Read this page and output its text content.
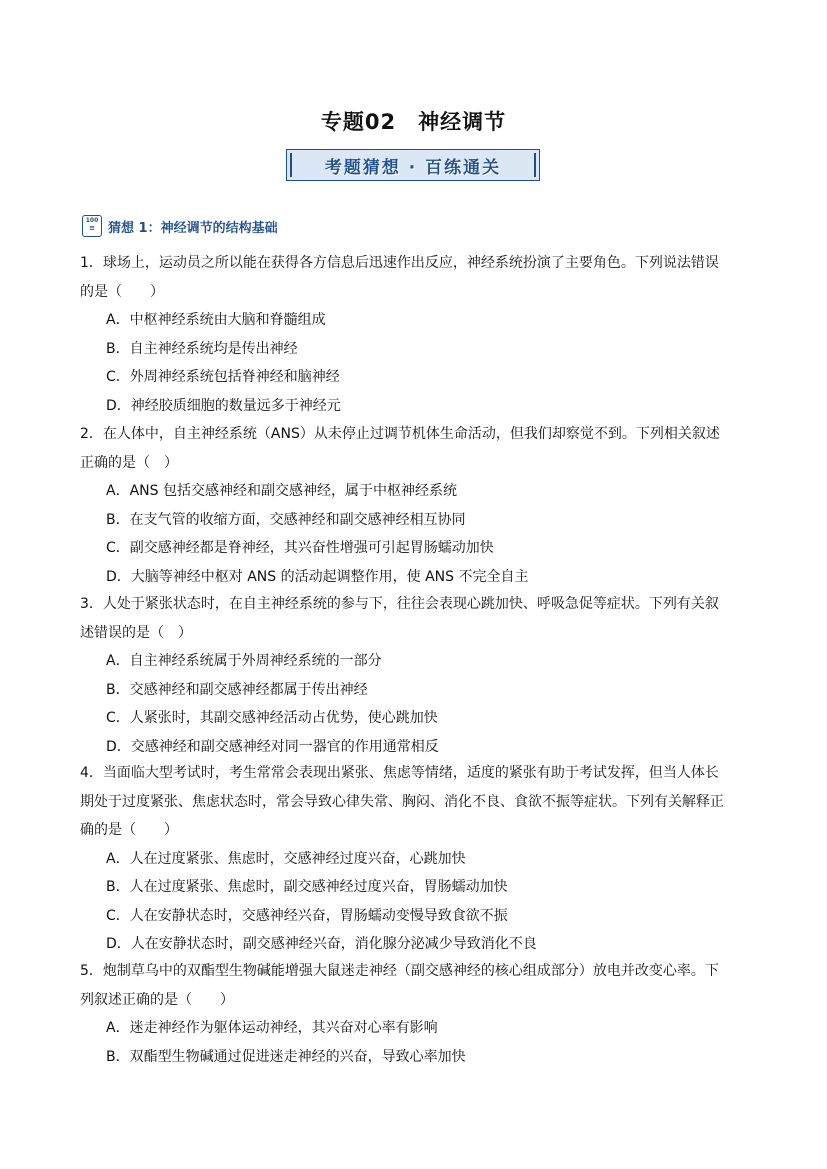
专题02　神经调节
考题猜想 · 百练通关
100
≡	猜想 1：神经调节的结构基础

1．球场上，运动员之所以能在获得各方信息后迅速作出反应，神经系统扮演了主要角色。下列说法错误

的是（　　）

A．中枢神经系统由大脑和脊髓组成

B．自主神经系统均是传出神经

C．外周神经系统包括脊神经和脑神经

D．神经胶质细胞的数量远多于神经元

2．在人体中，自主神经系统（ANS）从未停止过调节机体生命活动，但我们却察觉不到。下列相关叙述

正确的是（　）

A．ANS 包括交感神经和副交感神经，属于中枢神经系统

B．在支气管的收缩方面，交感神经和副交感神经相互协同

C．副交感神经都是脊神经，其兴奋性增强可引起胃肠蠕动加快

D．大脑等神经中枢对 ANS 的活动起调整作用，使 ANS 不完全自主

3．人处于紧张状态时，在自主神经系统的参与下，往往会表现心跳加快、呼吸急促等症状。下列有关叙

述错误的是（　）

A．自主神经系统属于外周神经系统的一部分

B．交感神经和副交感神经都属于传出神经

C．人紧张时，其副交感神经活动占优势，使心跳加快

D．交感神经和副交感神经对同一器官的作用通常相反

4．当面临大型考试时，考生常常会表现出紧张、焦虑等情绪，适度的紧张有助于考试发挥，但当人体长

期处于过度紧张、焦虑状态时，常会导致心律失常、胸闷、消化不良、食欲不振等症状。下列有关解释正

确的是（　　）

A．人在过度紧张、焦虑时，交感神经过度兴奋，心跳加快

B．人在过度紧张、焦虑时，副交感神经过度兴奋，胃肠蠕动加快

C．人在安静状态时，交感神经兴奋，胃肠蠕动变慢导致食欲不振

D．人在安静状态时，副交感神经兴奋，消化腺分泌减少导致消化不良

5．炮制草乌中的双酯型生物碱能增强大鼠迷走神经（副交感神经的核心组成部分）放电并改变心率。下

列叙述正确的是（　　）

A．迷走神经作为躯体运动神经，其兴奋对心率有影响

B．双酯型生物碱通过促进迷走神经的兴奋，导致心率加快
